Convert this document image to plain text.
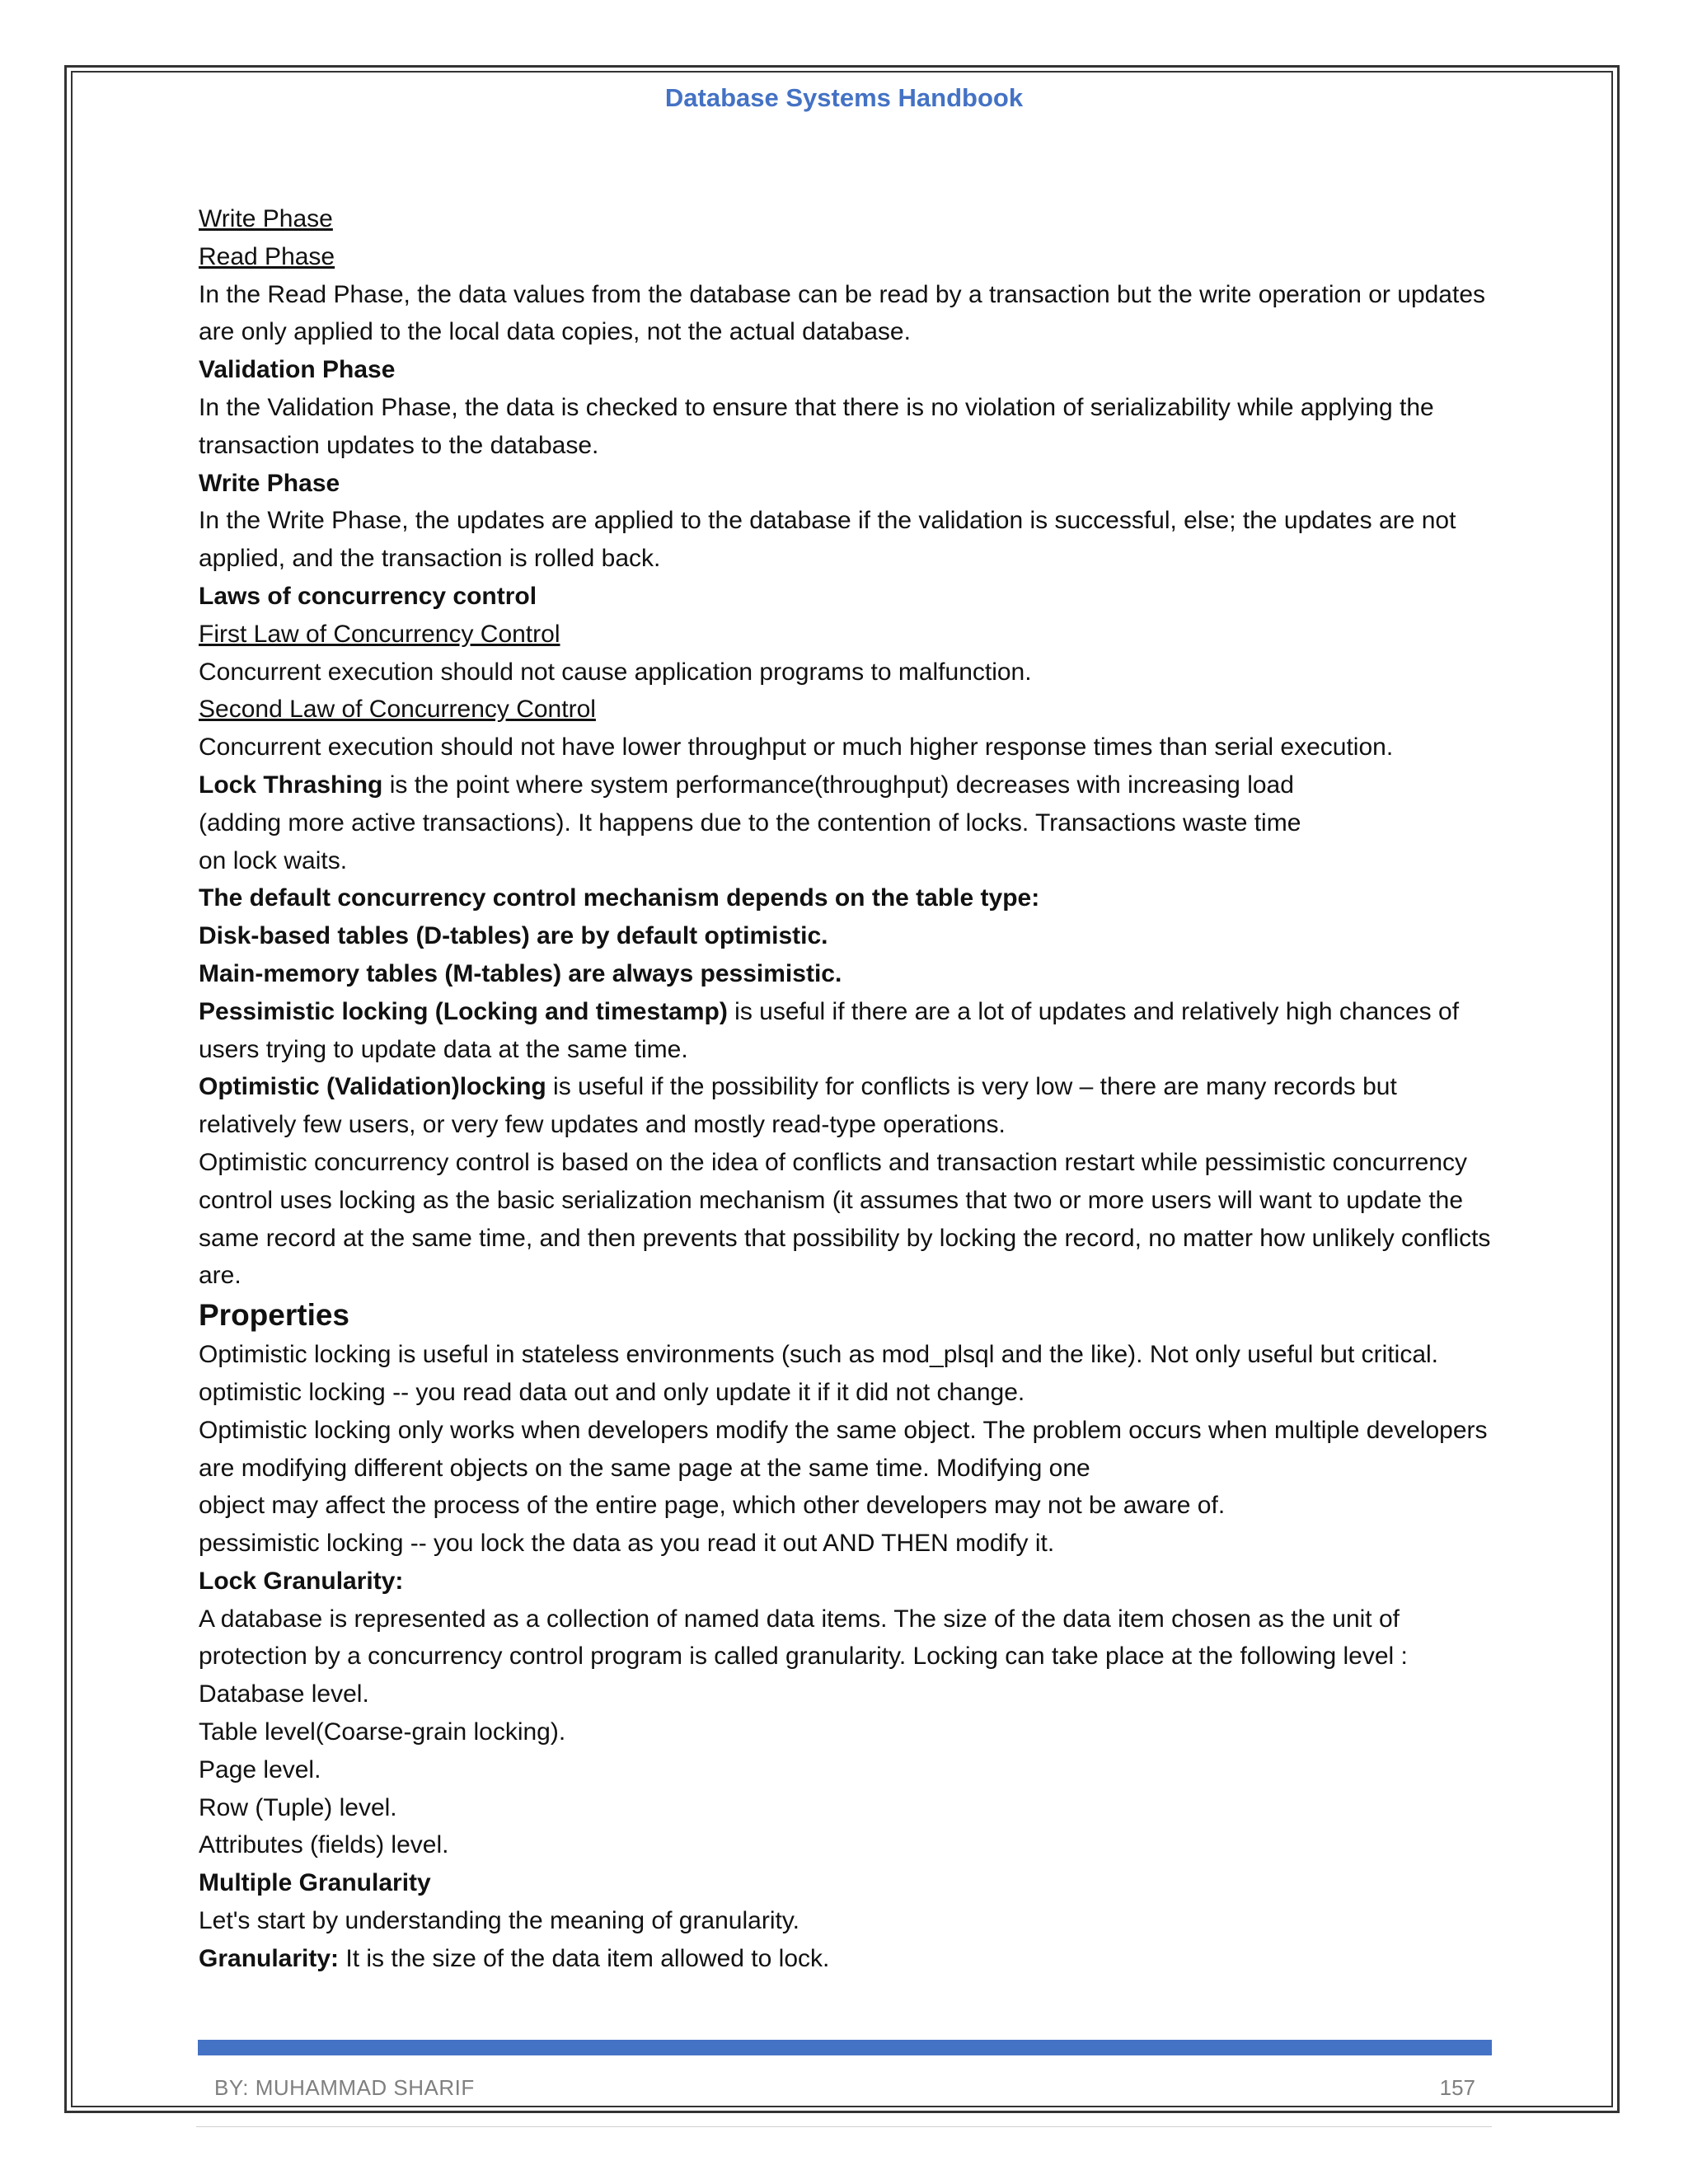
Database Systems Handbook

Write Phase

Read Phase

In the Read Phase, the data values from the database can be read by a transaction but the write operation or updates are only applied to the local data copies, not the actual database.

Validation Phase

In the Validation Phase, the data is checked to ensure that there is no violation of serializability while applying the transaction updates to the database.

Write Phase

In the Write Phase, the updates are applied to the database if the validation is successful, else; the updates are not applied, and the transaction is rolled back.

Laws of concurrency control

First Law of Concurrency Control

Concurrent execution should not cause application programs to malfunction.

Second Law of Concurrency Control

Concurrent execution should not have lower throughput or much higher response times than serial execution.

Lock Thrashing is the point where system performance(throughput) decreases with increasing load

(adding more active transactions). It happens due to the contention of locks. Transactions waste time

on lock waits.

The default concurrency control mechanism depends on the table type:

Disk-based tables (D-tables) are by default optimistic.

Main-memory tables (M-tables) are always pessimistic.

Pessimistic locking (Locking and timestamp) is useful if there are a lot of updates and relatively high chances of users trying to update data at the same time.

Optimistic (Validation)locking is useful if the possibility for conflicts is very low – there are many records but relatively few users, or very few updates and mostly read-type operations.

Optimistic concurrency control is based on the idea of conflicts and transaction restart while pessimistic concurrency control uses locking as the basic serialization mechanism (it assumes that two or more users will want to update the same record at the same time, and then prevents that possibility by locking the record, no matter how unlikely conflicts are.

Properties

Optimistic locking is useful in stateless environments (such as mod_plsql and the like). Not only useful but critical.

optimistic locking -- you read data out and only update it if it did not change.

Optimistic locking only works when developers modify the same object. The problem occurs when multiple developers are modifying different objects on the same page at the same time. Modifying one

object may affect the process of the entire page, which other developers may not be aware of.

pessimistic locking -- you lock the data as you read it out AND THEN modify it.

Lock Granularity:

A database is represented as a collection of named data items. The size of the data item chosen as the unit of protection by a concurrency control program is called granularity. Locking can take place at the following level :

Database level.

Table level(Coarse-grain locking).

Page level.

Row (Tuple) level.

Attributes (fields) level.

Multiple Granularity

Let's start by understanding the meaning of granularity.

Granularity: It is the size of the data item allowed to lock.

BY: MUHAMMAD SHARIF	157
